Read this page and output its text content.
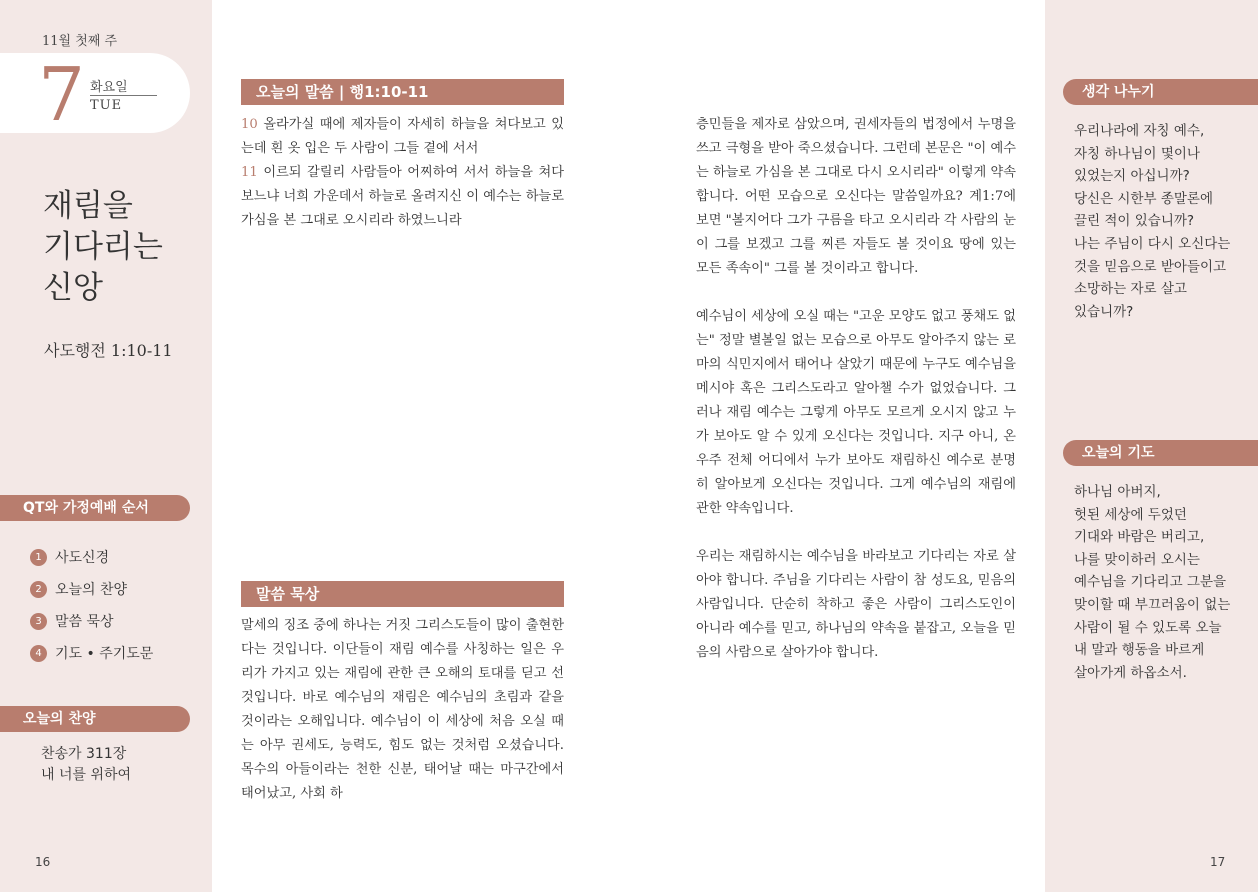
11월 첫째 주
7 화요일
TUE
재림을
기다리는
신앙
사도행전 1:10-11
QT와 가정예배 순서
1 사도신경
2 오늘의 찬양
3 말씀 묵상
4 기도 • 주기도문
오늘의 찬양
찬송가 311장
내 너를 위하여
16
오늘의 말씀 | 행1:10-11
10 올라가실 때에 제자들이 자세히 하늘을 쳐다보고 있는데 흰 옷 입은 두 사람이 그들 곁에 서서
11 이르되 갈릴리 사람들아 어찌하여 서서 하늘을 쳐다보느냐 너희 가운데서 하늘로 올려지신 이 예수는 하늘로 가심을 본 그대로 오시리라 하였느니라
말씀 묵상
말세의 징조 중에 하나는 거짓 그리스도들이 많이 출현한다는 것입니다. 이단들이 재림 예수를 사칭하는 일은 우리가 가지고 있는 재림에 관한 큰 오해의 토대를 딛고 선 것입니다. 바로 예수님의 재림은 예수님의 초림과 같을 것이라는 오해입니다. 예수님이 이 세상에 처음 오실 때는 아무 권세도, 능력도, 힘도 없는 것처럼 오셨습니다. 목수의 아들이라는 천한 신분, 태어날 때는 마구간에서 태어났고, 사회 하

층민들을 제자로 삼았으며, 권세자들의 법정에서 누명을 쓰고 극형을 받아 죽으셨습니다. 그런데 본문은 "이 예수는 하늘로 가심을 본 그대로 다시 오시리라" 이렇게 약속합니다. 어떤 모습으로 오신다는 말씀일까요? 계1:7에 보면 "볼지어다 그가 구름을 타고 오시리라 각 사람의 눈이 그를 보겠고 그를 찌른 자들도 볼 것이요 땅에 있는 모든 족속이" 그를 볼 것이라고 합니다.

예수님이 세상에 오실 때는 "고운 모양도 없고 풍채도 없는" 정말 별볼일 없는 모습으로 아무도 알아주지 않는 로마의 식민지에서 태어나 살았기 때문에 누구도 예수님을 메시야 혹은 그리스도라고 알아챌 수가 없었습니다. 그러나 재림 예수는 그렇게 아무도 모르게 오시지 않고 누가 보아도 알 수 있게 오신다는 것입니다. 지구 아니, 온 우주 전체 어디에서 누가 보아도 재림하신 예수로 분명히 알아보게 오신다는 것입니다. 그게 예수님의 재림에 관한 약속입니다.

우리는 재림하시는 예수님을 바라보고 기다리는 자로 살아야 합니다. 주님을 기다리는 사람이 참 성도요, 믿음의 사람입니다. 단순히 착하고 좋은 사람이 그리스도인이 아니라 예수를 믿고, 하나님의 약속을 붙잡고, 오늘을 믿음의 사람으로 살아가야 합니다.

생각 나누기
우리나라에 자칭 예수,
자칭 하나님이 몇이나
있었는지 아십니까?
당신은 시한부 종말론에
끌린 적이 있습니까?
나는 주님이 다시 오신다는
것을 믿음으로 받아들이고
소망하는 자로 살고
있습니까?
오늘의 기도
하나님 아버지,
헛된 세상에 두었던
기대와 바람은 버리고,
나를 맞이하러 오시는
예수님을 기다리고 그분을
맞이할 때 부끄러움이 없는
사람이 될 수 있도록 오늘
내 말과 행동을 바르게
살아가게 하옵소서.
17
